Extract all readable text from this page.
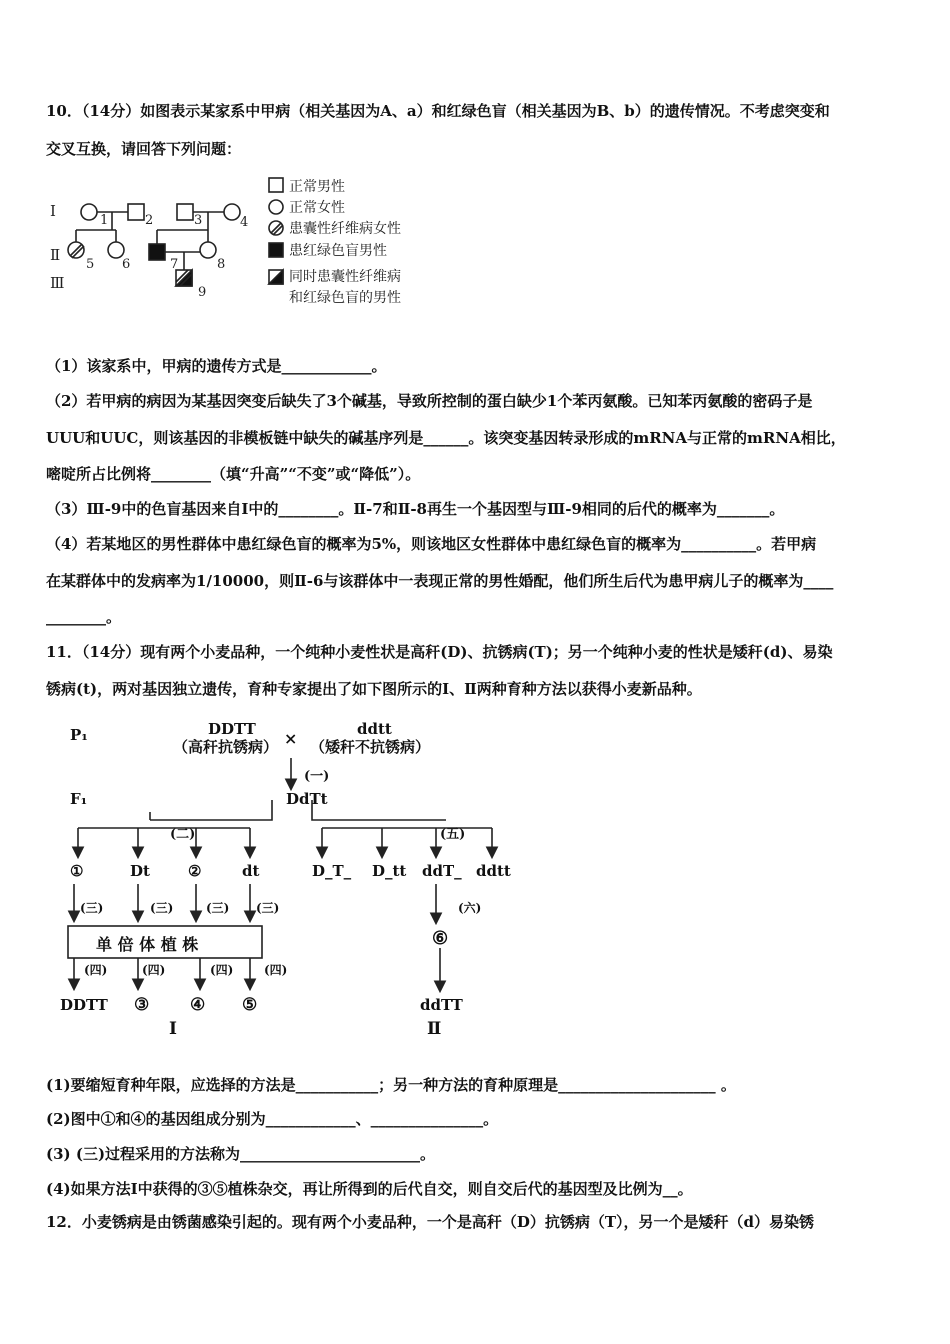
10．（14分）如图表示某家系中甲病（相关基因为A、a）和红绿色盲（相关基因为B、b）的遗传情况。不考虑突变和
交叉互换，请回答下列问题：
Ⅰ
Ⅱ
Ⅲ
1	2	3	4
5 6	7	8
9
正常男性
正常女性
患囊性纤维病女性
患红绿色盲男性
同时患囊性纤维病
和红绿色盲的男性
（1）该家系中，甲病的遗传方式是____________。
（2）若甲病的病因为某基因突变后缺失了3个碱基，导致所控制的蛋白缺少1个苯丙氨酸。已知苯丙氨酸的密码子是
UUU和UUC，则该基因的非模板链中缺失的碱基序列是______。该突变基因转录形成的mRNA与正常的mRNA相比，
嘧啶所占比例将________（填“升高”“不变”或“降低”）。
（3）Ⅲ-9中的色盲基因来自Ⅰ中的________。Ⅱ-7和Ⅱ-8再生一个基因型与Ⅲ-9相同的后代的概率为_______。
（4）若某地区的男性群体中患红绿色盲的概率为5%，则该地区女性群体中患红绿色盲的概率为__________。若甲病
在某群体中的发病率为1/10000，则Ⅱ-6与该群体中一表现正常的男性婚配，他们所生后代为患甲病儿子的概率为____
________。
11．（14分）现有两个小麦品种，一个纯种小麦性状是高秆(D)、抗锈病(T)；另一个纯种小麦的性状是矮秆(d)、易染
锈病(t)，两对基因独立遗传，育种专家提出了如下图所示的Ⅰ、Ⅱ两种育种方法以获得小麦新品种。
P₁	DDTT
（高秆抗锈病） ×	ddtt
（矮秆不抗锈病）
(一)
F₁	DdTt
(二)	(五)
①	Dt	②	dt	D_T_ D_tt ddT_ ddtt
(三)	(三)	(三) (三)	(六)
单 倍 体 植 株	⑥
(四)	(四)	(四)	(四)
DDTT ③ ④ ⑤	ddTT
Ⅰ	Ⅱ
(1)要缩短育种年限，应选择的方法是___________；另一种方法的育种原理是_____________________ 。
(2)图中①和④的基因组成分别为____________、_______________。
(3) (三)过程采用的方法称为________________________。
(4)如果方法Ⅰ中获得的③⑤植株杂交，再让所得到的后代自交，则自交后代的基因型及比例为__。
12．小麦锈病是由锈菌感染引起的。现有两个小麦品种，一个是高秆（D）抗锈病（T），另一个是矮秆（d）易染锈
